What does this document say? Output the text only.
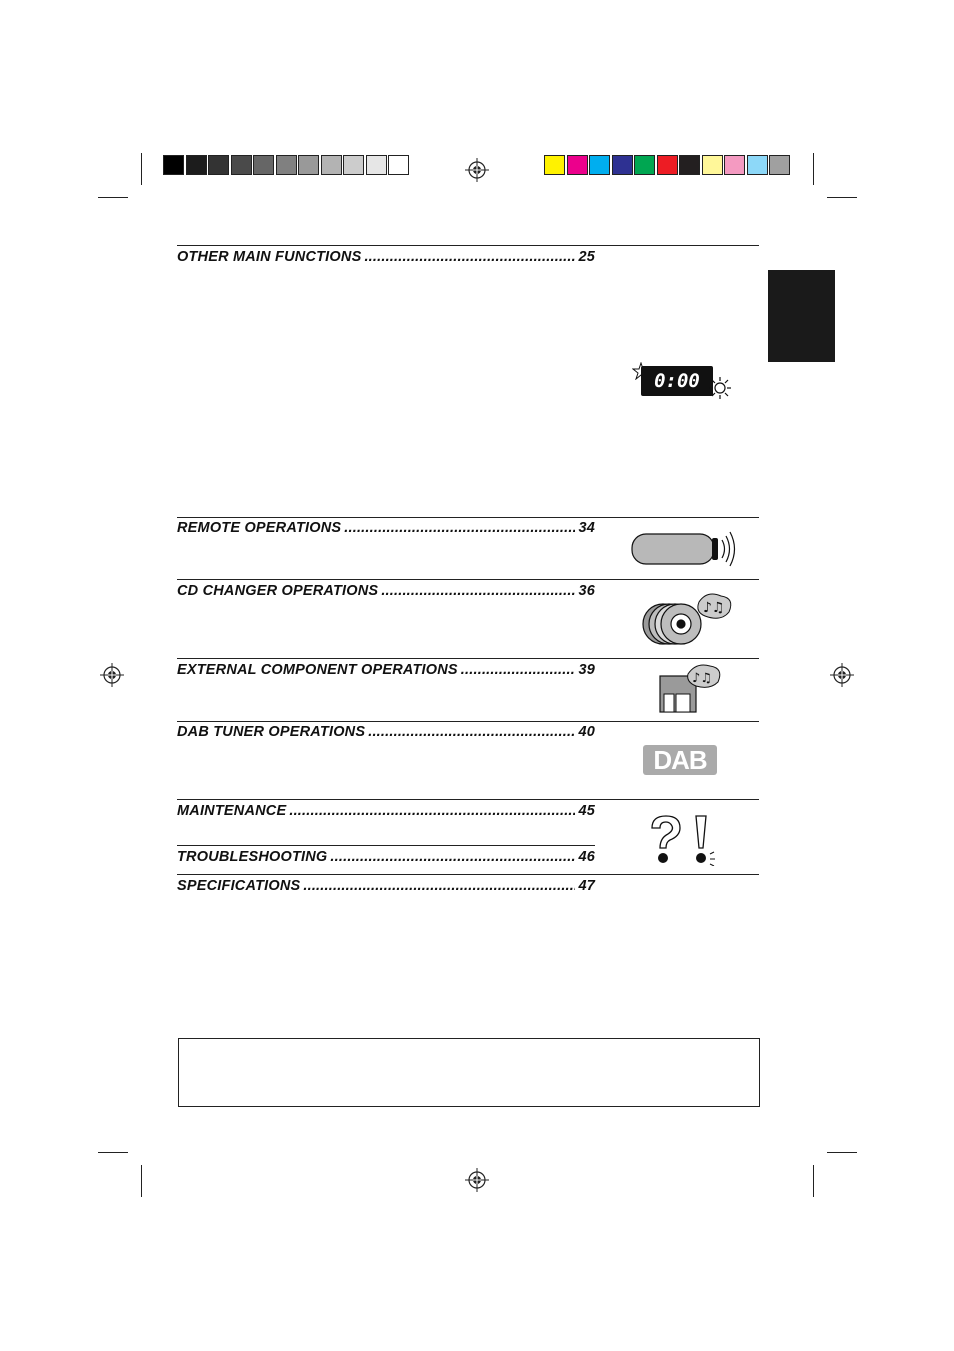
OTHER MAIN FUNCTIONS .....	25
REMOTE OPERATIONS .....	34
CD CHANGER OPERATIONS .....	36
EXTERNAL COMPONENT OPERATIONS .....	39
DAB TUNER OPERATIONS .....	40
MAINTENANCE .....	45
TROUBLESHOOTING .....	46
SPECIFICATIONS .....	47
0:00
♪♫
♪♫
DAB
